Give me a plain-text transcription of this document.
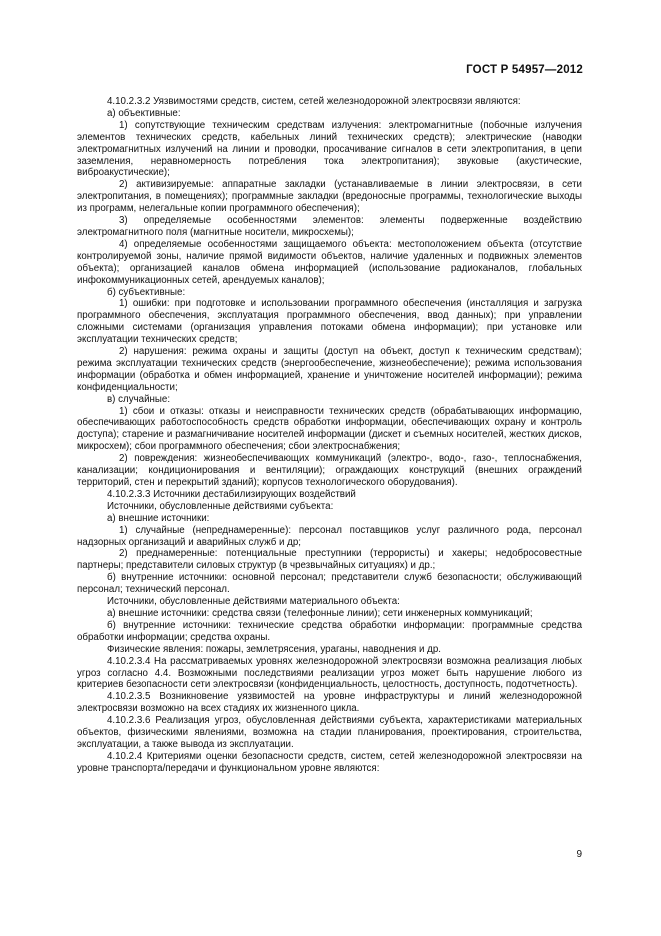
ГОСТ Р 54957—2012
4.10.2.3.2 Уязвимостями средств, систем, сетей железнодорожной электросвязи являются:
а) объективные:
1) сопутствующие техническим средствам излучения: электромагнитные (побочные излучения элементов технических средств, кабельных линий технических средств); электрические (наводки электромагнитных излучений на линии и проводки, просачивание сигналов в сети электропитания, в цепи заземления, неравномерность потребления тока электропитания); звуковые (акустические, виброакустические);
2) активизируемые: аппаратные закладки (устанавливаемые в линии электросвязи, в сети электропитания, в помещениях); программные закладки (вредоносные программы, технологические выходы из программ, нелегальные копии программного обеспечения);
3) определяемые особенностями элементов: элементы подверженные воздействию электромагнитного поля (магнитные носители, микросхемы);
4) определяемые особенностями защищаемого объекта: местоположением объекта (отсутствие контролируемой зоны, наличие прямой видимости объектов, наличие удаленных и подвижных элементов объекта); организацией каналов обмена информацией (использование радиоканалов, глобальных инфокоммуникационных сетей, арендуемых каналов);
б) субъективные:
1) ошибки: при подготовке и использовании программного обеспечения (инсталляция и загрузка программного обеспечения, эксплуатация программного обеспечения, ввод данных); при управлении сложными системами (организация управления потоками обмена информации); при установке или эксплуатации технических средств;
2) нарушения: режима охраны и защиты (доступ на объект, доступ к техническим средствам); режима эксплуатации технических средств (энергообеспечение, жизнеобеспечение); режима использования информации (обработка и обмен информацией, хранение и уничтожение носителей информации); режима конфиденциальности;
в) случайные:
1) сбои и отказы: отказы и неисправности технических средств (обрабатывающих информацию, обеспечивающих работоспособность средств обработки информации, обеспечивающих охрану и контроль доступа); старение и размагничивание носителей информации (дискет и съемных носителей, жестких дисков, микросхем); сбои программного обеспечения; сбои электроснабжения;
2) повреждения: жизнеобеспечивающих коммуникаций (электро-, водо-, газо-, теплоснабжения, канализации; кондиционирования и вентиляции); ограждающих конструкций (внешних ограждений территорий, стен и перекрытий зданий); корпусов технологического оборудования).
4.10.2.3.3 Источники дестабилизирующих воздействий
Источники, обусловленные действиями субъекта:
а) внешние источники:
1) случайные (непреднамеренные): персонал поставщиков услуг различного рода, персонал надзорных организаций и аварийных служб и др;
2) преднамеренные: потенциальные преступники (террористы) и хакеры; недобросовестные партнеры; представители силовых структур (в чрезвычайных ситуациях) и др.;
б) внутренние источники: основной персонал; представители служб безопасности; обслуживающий персонал; технический персонал.
Источники, обусловленные действиями материального объекта:
а) внешние источники: средства связи (телефонные линии); сети инженерных коммуникаций;
б) внутренние источники: технические средства обработки информации: программные средства обработки информации; средства охраны.
Физические явления: пожары, землетрясения, ураганы, наводнения и др.
4.10.2.3.4 На рассматриваемых уровнях железнодорожной электросвязи возможна реализация любых угроз согласно 4.4. Возможными последствиями реализации угроз может быть нарушение любого из критериев безопасности сети электросвязи (конфиденциальность, целостность, доступность, подотчетность).
4.10.2.3.5 Возникновение уязвимостей на уровне инфраструктуры и линий железнодорожной электросвязи возможно на всех стадиях их жизненного цикла.
4.10.2.3.6 Реализация угроз, обусловленная действиями субъекта, характеристиками материальных объектов, физическими явлениями, возможна на стадии планирования, проектирования, строительства, эксплуатации, а также вывода из эксплуатации.
4.10.2.4 Критериями оценки безопасности средств, систем, сетей железнодорожной электросвязи на уровне транспорта/передачи и функциональном уровне являются:
9
